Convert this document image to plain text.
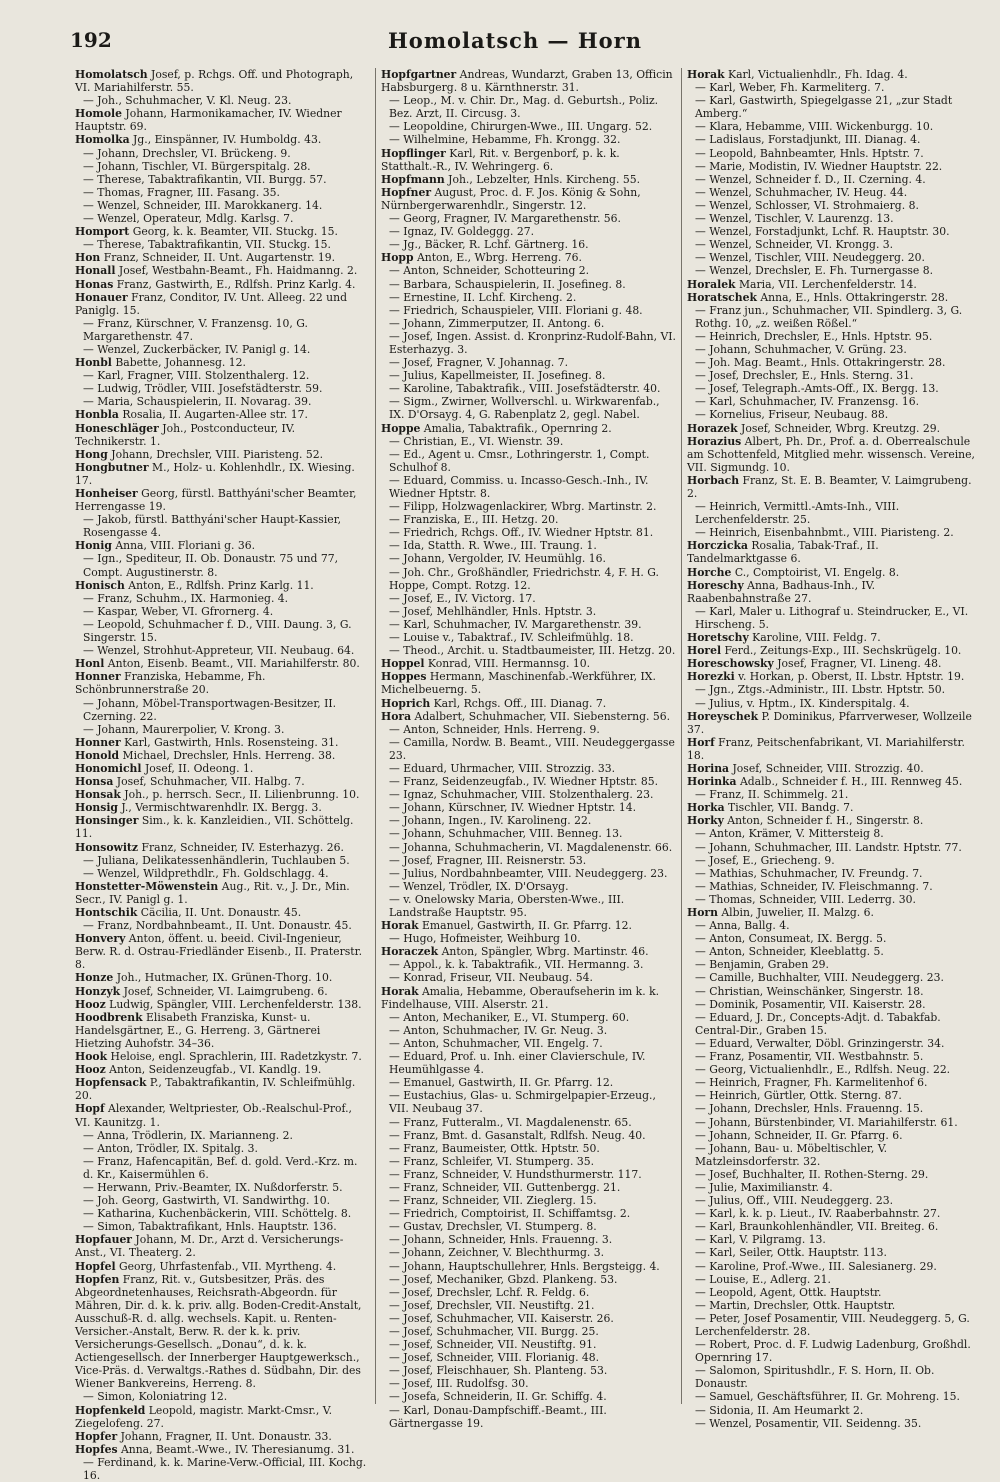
192	Homolatsch — Horn

Homolatsch Josef, p. Rchgs. Off. und Photograph, VI. Mariahilferstr. 55.

— Joh., Schuhmacher, V. Kl. Neug. 23.

Homole Johann, Harmonikamacher, IV. Wiedner Hauptstr. 69.

Homolka Jg., Einspänner, IV. Humboldg. 43.

— Johann, Drechsler, VI. Brückeng. 9.

— Johann, Tischler, VI. Bürgerspitalg. 28.

— Therese, Tabaktrafikantin, VII. Burgg. 57.

— Thomas, Fragner, III. Fasang. 35.

— Wenzel, Schneider, III. Marokkanerg. 14.

— Wenzel, Operateur, Mdlg. Karlsg. 7.

Homport Georg, k. k. Beamter, VII. Stuckg. 15.

— Therese, Tabaktrafikantin, VII. Stuckg. 15.

Hon Franz, Schneider, II. Unt. Augartenstr. 19.

Honall Josef, Westbahn-Beamt., Fh. Haidmanng. 2.

Honas Franz, Gastwirth, E., Rdlfsh. Prinz Karlg. 4.

Honauer Franz, Conditor, IV. Unt. Alleeg. 22 und Paniglg. 15.

— Franz, Kürschner, V. Franzensg. 10, G. Margarethenstr. 47.

— Wenzel, Zuckerbäcker, IV. Panigl g. 14.

Honbl Babette, Johannesg. 12.

— Karl, Fragner, VIII. Stolzenthalerg. 12.

— Ludwig, Trödler, VIII. Josefstädterstr. 59.

— Maria, Schauspielerin, II. Novarag. 39.

Honbla Rosalia, II. Augarten-Allee str. 17.

Honeschläger Joh., Postconducteur, IV. Technikerstr. 1.

Hong Johann, Drechsler, VIII. Piaristeng. 52.

Hongbutner M., Holz- u. Kohlenhdlr., IX. Wiesing. 17.

Honheiser Georg, fürstl. Batthyáni'scher Beamter, Herrengasse 19.

— Jakob, fürstl. Batthyáni'scher Haupt-Kassier, Rosengasse 4.

Honig Anna, VIII. Floriani g. 36.

— Ign., Spediteur, II. Ob. Donaustr. 75 und 77, Compt. Augustinerstr. 8.

Honisch Anton, E., Rdlfsh. Prinz Karlg. 11.

— Franz, Schuhm., IX. Harmonieg. 4.

— Kaspar, Weber, VI. Gfrornerg. 4.

— Leopold, Schuhmacher f. D., VIII. Daung. 3, G. Singerstr. 15.

— Wenzel, Strohhut-Appreteur, VII. Neubaug. 64.

Honl Anton, Eisenb. Beamt., VII. Mariahilferstr. 80.

Honner Franziska, Hebamme, Fh. Schönbrunnerstraße 20.

— Johann, Möbel-Transportwagen-Besitzer, II. Czerning. 22.

— Johann, Maurerpolier, V. Krong. 3.

Honner Karl, Gastwirth, Hnls. Rosensteing. 31.

Honold Michael, Drechsler, Hnls. Herreng. 38.

Honomichl Josef, II. Odeong. 1.

Honsa Josef, Schuhmacher, VII. Halbg. 7.

Honsak Joh., p. herrsch. Secr., II. Lilienbrunng. 10.

Honsig J., Vermischtwarenhdlr. IX. Bergg. 3.

Honsinger Sim., k. k. Kanzleidien., VII. Schöttelg. 11.

Honsowitz Franz, Schneider, IV. Esterhazyg. 26.

— Juliana, Delikatessenhändlerin, Tuchlauben 5.

— Wenzel, Wildprethdlr., Fh. Goldschlagg. 4.

Honstetter-Möwenstein Aug., Rit. v., J. Dr., Min. Secr., IV. Panigl g. 1.

Hontschik Cäcilia, II. Unt. Donaustr. 45.

— Franz, Nordbahnbeamt., II. Unt. Donaustr. 45.

Honvery Anton, öffent. u. beeid. Civil-Ingenieur, Berw. R. d. Ostrau-Friedländer Eisenb., II. Praterstr. 8.

Honze Joh., Hutmacher, IX. Grünen-Thorg. 10.

Honzyk Josef, Schneider, VI. Laimgrubeng. 6.

Hooz Ludwig, Spängler, VIII. Lerchenfelderstr. 138.

Hoodbrenk Elisabeth Franziska, Kunst- u. Handelsgärtner, E., G. Herreng. 3, Gärtnerei Hietzing Auhofstr. 34–36.

Hook Heloise, engl. Sprachlerin, III. Radetzkystr. 7.

Hooz Anton, Seidenzeugfab., VI. Kandlg. 19.

Hopfensack P., Tabaktrafikantin, IV. Schleifmühlg. 20.

Hopf Alexander, Weltpriester, Ob.-Realschul-Prof., VI. Kaunitzg. 1.

— Anna, Trödlerin, IX. Marianneng. 2.

— Anton, Trödler, IX. Spitalg. 3.

— Franz, Hafencapitän, Bef. d. gold. Verd.-Krz. m. d. Kr., Kaisermühlen 6.

— Herwann, Priv.-Beamter, IX. Nußdorferstr. 5.

— Joh. Georg, Gastwirth, VI. Sandwirthg. 10.

— Katharina, Kuchenbäckerin, VIII. Schöttelg. 8.

— Simon, Tabaktrafikant, Hnls. Hauptstr. 136.

Hopfauer Johann, M. Dr., Arzt d. Versicherungs-Anst., VI. Theaterg. 2.

Hopfel Georg, Uhrfastenfab., VII. Myrtheng. 4.

Hopfen Franz, Rit. v., Gutsbesitzer, Präs. des Abgeordnetenhauses, Reichsrath-Abgeordn. für Mähren, Dir. d. k. k. priv. allg. Boden-Credit-Anstalt, Ausschuß-R. d. allg. wechsels. Kapit. u. Renten-Versicher.-Anstalt, Berw. R. der k. k. priv. Versicherungs-Gesellsch. „Donau“, d. k. k. Actiengesellsch. der Innerberger Hauptgewerksch., Vice-Präs. d. Verwaltgs.-Rathes d. Südbahn, Dir. des Wiener Bankvereins, Herreng. 8.

— Simon, Koloniatring 12.

Hopfenkeld Leopold, magistr. Markt-Cmsr., V. Ziegelofeng. 27.

Hopfer Johann, Fragner, II. Unt. Donaustr. 33.

Hopfes Anna, Beamt.-Wwe., IV. Theresianumg. 31.

— Ferdinand, k. k. Marine-Verw.-Official, III. Kochg. 16.

Hopfgartner Andreas, Wundarzt, Graben 13, Officin Habsburgerg. 8 u. Kärnthnerstr. 31.

— Leop., M. v. Chir. Dr., Mag. d. Geburtsh., Poliz. Bez. Arzt, II. Circusg. 3.

— Leopoldine, Chirurgen-Wwe., III. Ungarg. 52.

— Wilhelmine, Hebamme, Fh. Krongg. 32.

Hopflinger Karl, Rit. v. Bergenborf, p. k. k. Statthalt.-R., IV. Wehringerg. 6.

Hopfmann Joh., Lebzelter, Hnls. Kircheng. 55.

Hopfner August, Proc. d. F. Jos. König & Sohn, Nürnbergerwarenhdlr., Singerstr. 12.

— Georg, Fragner, IV. Margarethenstr. 56.

— Ignaz, IV. Goldeggg. 27.

— Jg., Bäcker, R. Lchf. Gärtnerg. 16.

Hopp Anton, E., Wbrg. Herreng. 76.

— Anton, Schneider, Schotteuring 2.

— Barbara, Schauspielerin, II. Josefineg. 8.

— Ernestine, II. Lchf. Kircheng. 2.

— Friedrich, Schauspieler, VIII. Floriani g. 48.

— Johann, Zimmerputzer, II. Antong. 6.

— Josef, Ingen. Assist. d. Kronprinz-Rudolf-Bahn, VI. Esterhazyg. 3.

— Josef, Fragner, V. Johannag. 7.

— Julius, Kapellmeister, II. Josefineg. 8.

— Karoline, Tabaktrafik., VIII. Josefstädterstr. 40.

— Sigm., Zwirner, Wollverschl. u. Wirkwarenfab., IX. D'Orsayg. 4, G. Rabenplatz 2, gegl. Nabel.

Hoppe Amalia, Tabaktrafik., Opernring 2.

— Christian, E., VI. Wienstr. 39.

— Ed., Agent u. Cmsr., Lothringerstr. 1, Compt. Schulhof 8.

— Eduard, Commiss. u. Incasso-Gesch.-Inh., IV. Wiedner Hptstr. 8.

— Filipp, Holzwagenlackirer, Wbrg. Martinstr. 2.

— Franziska, E., III. Hetzg. 20.

— Friedrich, Rchgs. Off., IV. Wiedner Hptstr. 81.

— Ida, Statth. R. Wwe., III. Traung. 1.

— Johann, Vergolder, IV. Heumühlg. 16.

— Joh. Chr., Großhändler, Friedrichstr. 4, F. H. G. Hoppe, Compt. Rotzg. 12.

— Josef, E., IV. Victorg. 17.

— Josef, Mehlhändler, Hnls. Hptstr. 3.

— Karl, Schuhmacher, IV. Margarethenstr. 39.

— Louise v., Tabaktraf., IV. Schleifmühlg. 18.

— Theod., Archit. u. Stadtbaumeister, III. Hetzg. 20.

Hoppel Konrad, VIII. Hermannsg. 10.

Hoppes Hermann, Maschinenfab.-Werkführer, IX. Michelbeuerng. 5.

Hoprich Karl, Rchgs. Off., III. Dianag. 7.

Hora Adalbert, Schuhmacher, VII. Siebensterng. 56.

— Anton, Schneider, Hnls. Herreng. 9.

— Camilla, Nordw. B. Beamt., VIII. Neudeggergasse 23.

— Eduard, Uhrmacher, VIII. Strozzig. 33.

— Franz, Seidenzeugfab., IV. Wiedner Hptstr. 85.

— Ignaz, Schuhmacher, VIII. Stolzenthalerg. 23.

— Johann, Kürschner, IV. Wiedner Hptstr. 14.

— Johann, Ingen., IV. Karolineng. 22.

— Johann, Schuhmacher, VIII. Benneg. 13.

— Johanna, Schuhmacherin, VI. Magdalenenstr. 66.

— Josef, Fragner, III. Reisnerstr. 53.

— Julius, Nordbahnbeamter, VIII. Neudeggerg. 23.

— Wenzel, Trödler, IX. D'Orsayg.

— v. Onelowsky Maria, Obersten-Wwe., III. Landstraße Hauptstr. 95.

Horak Emanuel, Gastwirth, II. Gr. Pfarrg. 12.

— Hugo, Hofmeister, Weihburg 10.

Horaczek Anton, Spängler, Wbrg. Martinstr. 46.

— Appol., k. k. Tabaktrafik., VII. Hermanng. 3.

— Konrad, Friseur, VII. Neubaug. 54.

Horak Amalia, Hebamme, Oberaufseherin im k. k. Findelhause, VIII. Alserstr. 21.

— Anton, Mechaniker, E., VI. Stumperg. 60.

— Anton, Schuhmacher, IV. Gr. Neug. 3.

— Anton, Schuhmacher, VII. Engelg. 7.

— Eduard, Prof. u. Inh. einer Clavierschule, IV. Heumühlgasse 4.

— Emanuel, Gastwirth, II. Gr. Pfarrg. 12.

— Eustachius, Glas- u. Schmirgelpapier-Erzeug., VII. Neubaug 37.

— Franz, Futteralm., VI. Magdalenenstr. 65.

— Franz, Bmt. d. Gasanstalt, Rdlfsh. Neug. 40.

— Franz, Baumeister, Ottk. Hptstr. 50.

— Franz, Schleifer, VI. Stumperg. 35.

— Franz, Schneider, V. Hundsthurmerstr. 117.

— Franz, Schneider, VII. Guttenbergg. 21.

— Franz, Schneider, VII. Zieglerg. 15.

— Friedrich, Comptoirist, II. Schiffamtsg. 2.

— Gustav, Drechsler, VI. Stumperg. 8.

— Johann, Schneider, Hnls. Frauenng. 3.

— Johann, Zeichner, V. Blechthurmg. 3.

— Johann, Hauptschullehrer, Hnls. Bergsteigg. 4.

— Josef, Mechaniker, Gbzd. Plankeng. 53.

— Josef, Drechsler, Lchf. R. Feldg. 6.

— Josef, Drechsler, VII. Neustiftg. 21.

— Josef, Schuhmacher, VII. Kaiserstr. 26.

— Josef, Schuhmacher, VII. Burgg. 25.

— Josef, Schneider, VII. Neustiftg. 91.

— Josef, Schneider, VIII. Florianig. 48.

— Josef, Fleischhauer, Sh. Planteng. 53.

— Josef, III. Rudolfsg. 30.

— Josefa, Schneiderin, II. Gr. Schiffg. 4.

— Karl, Donau-Dampfschiff.-Beamt., III. Gärtnergasse 19.

Horak Karl, Victualienhdlr., Fh. Idag. 4.

— Karl, Weber, Fh. Karmeliterg. 7.

— Karl, Gastwirth, Spiegelgasse 21, „zur Stadt Amberg.“

— Klara, Hebamme, VIII. Wickenburgg. 10.

— Ladislaus, Forstadjunkt, III. Dianag. 4.

— Leopold, Bahnbeamter, Hnls. Hptstr. 7.

— Marie, Modistin, IV. Wiedner Hauptstr. 22.

— Wenzel, Schneider f. D., II. Czerning. 4.

— Wenzel, Schuhmacher, IV. Heug. 44.

— Wenzel, Schlosser, VI. Strohmaierg. 8.

— Wenzel, Tischler, V. Laurenzg. 13.

— Wenzel, Forstadjunkt, Lchf. R. Hauptstr. 30.

— Wenzel, Schneider, VI. Krongg. 3.

— Wenzel, Tischler, VIII. Neudeggerg. 20.

— Wenzel, Drechsler, E. Fh. Turnergasse 8.

Horalek Maria, VII. Lerchenfelderstr. 14.

Horatschek Anna, E., Hnls. Ottakringerstr. 28.

— Franz jun., Schuhmacher, VII. Spindlerg. 3, G. Rothg. 10, „z. weißen Rößel.“

— Heinrich, Drechsler, E., Hnls. Hptstr. 95.

— Johann, Schuhmacher, V. Grüng. 23.

— Joh. Mag. Beamt., Hnls. Ottakringerstr. 28.

— Josef, Drechsler, E., Hnls. Sterng. 31.

— Josef, Telegraph.-Amts-Off., IX. Bergg. 13.

— Karl, Schuhmacher, IV. Franzensg. 16.

— Kornelius, Friseur, Neubaug. 88.

Horazek Josef, Schneider, Wbrg. Kreutzg. 29.

Horazius Albert, Ph. Dr., Prof. a. d. Oberrealschule am Schottenfeld, Mitglied mehr. wissensch. Vereine, VII. Sigmundg. 10.

Horbach Franz, St. E. B. Beamter, V. Laimgrubeng. 2.

— Heinrich, Vermittl.-Amts-Inh., VIII. Lerchenfelderstr. 25.

— Heinrich, Eisenbahnbmt., VIII. Piaristeng. 2.

Horczicka Rosalia, Tabak-Traf., II. Tandelmarktgasse 6.

Horche C., Comptoirist, VI. Engelg. 8.

Horeschy Anna, Badhaus-Inh., IV. Raabenbahnstraße 27.

— Karl, Maler u. Lithograf u. Steindrucker, E., VI. Hirscheng. 5.

Horetschy Karoline, VIII. Feldg. 7.

Horel Ferd., Zeitungs-Exp., III. Sechskrügelg. 10.

Horeschowsky Josef, Fragner, VI. Lineng. 48.

Horezki v. Horkan, p. Oberst, II. Lbstr. Hptstr. 19.

— Jgn., Ztgs.-Administr., III. Lbstr. Hptstr. 50.

— Julius, v. Hptm., IX. Kinderspitalg. 4.

Horeyschek P. Dominikus, Pfarrverweser, Wollzeile 37.

Horf Franz, Peitschenfabrikant, VI. Mariahilferstr. 18.

Horina Josef, Schneider, VIII. Strozzig. 40.

Horinka Adalb., Schneider f. H., III. Rennweg 45.

— Franz, II. Schimmelg. 21.

Horka Tischler, VII. Bandg. 7.

Horky Anton, Schneider f. H., Singerstr. 8.

— Anton, Krämer, V. Mittersteig 8.

— Johann, Schuhmacher, III. Landstr. Hptstr. 77.

— Josef, E., Griecheng. 9.

— Mathias, Schuhmacher, IV. Freundg. 7.

— Mathias, Schneider, IV. Fleischmanng. 7.

— Thomas, Schneider, VIII. Lederrg. 30.

Horn Albin, Juwelier, II. Malzg. 6.

— Anna, Ballg. 4.

— Anton, Consumeat, IX. Bergg. 5.

— Anton, Schneider, Kleeblattg. 5.

— Benjamin, Graben 29.

— Camille, Buchhalter, VIII. Neudeggerg. 23.

— Christian, Weinschänker, Singerstr. 18.

— Dominik, Posamentir, VII. Kaiserstr. 28.

— Eduard, J. Dr., Concepts-Adjt. d. Tabakfab. Central-Dir., Graben 15.

— Eduard, Verwalter, Döbl. Grinzingerstr. 34.

— Franz, Posamentir, VII. Westbahnstr. 5.

— Georg, Victualienhdlr., E., Rdlfsh. Neug. 22.

— Heinrich, Fragner, Fh. Karmelitenhof 6.

— Heinrich, Gürtler, Ottk. Sterng. 87.

— Johann, Drechsler, Hnls. Frauenng. 15.

— Johann, Bürstenbinder, VI. Mariahilferstr. 61.

— Johann, Schneider, II. Gr. Pfarrg. 6.

— Johann, Bau- u. Möbeltischler, V. Matzleinsdorferstr. 32.

— Josef, Buchhalter, II. Rothen-Sterng. 29.

— Julie, Maximilianstr. 4.

— Julius, Off., VIII. Neudeggerg. 23.

— Karl, k. k. p. Lieut., IV. Raaberbahnstr. 27.

— Karl, Braunkohlenhändler, VII. Breiteg. 6.

— Karl, V. Pilgramg. 13.

— Karl, Seiler, Ottk. Hauptstr. 113.

— Karoline, Prof.-Wwe., III. Salesianerg. 29.

— Louise, E., Adlerg. 21.

— Leopold, Agent, Ottk. Hauptstr.

— Martin, Drechsler, Ottk. Hauptstr.

— Peter, Josef Posamentir, VIII. Neudeggerg. 5, G. Lerchenfelderstr. 28.

— Robert, Proc. d. F. Ludwig Ladenburg, Großhdl. Opernring 17.

— Salomon, Spiritushdlr., F. S. Horn, II. Ob. Donaustr.

— Samuel, Geschäftsführer, II. Gr. Mohreng. 15.

— Sidonia, II. Am Heumarkt 2.

— Wenzel, Posamentir, VII. Seidenng. 35.
